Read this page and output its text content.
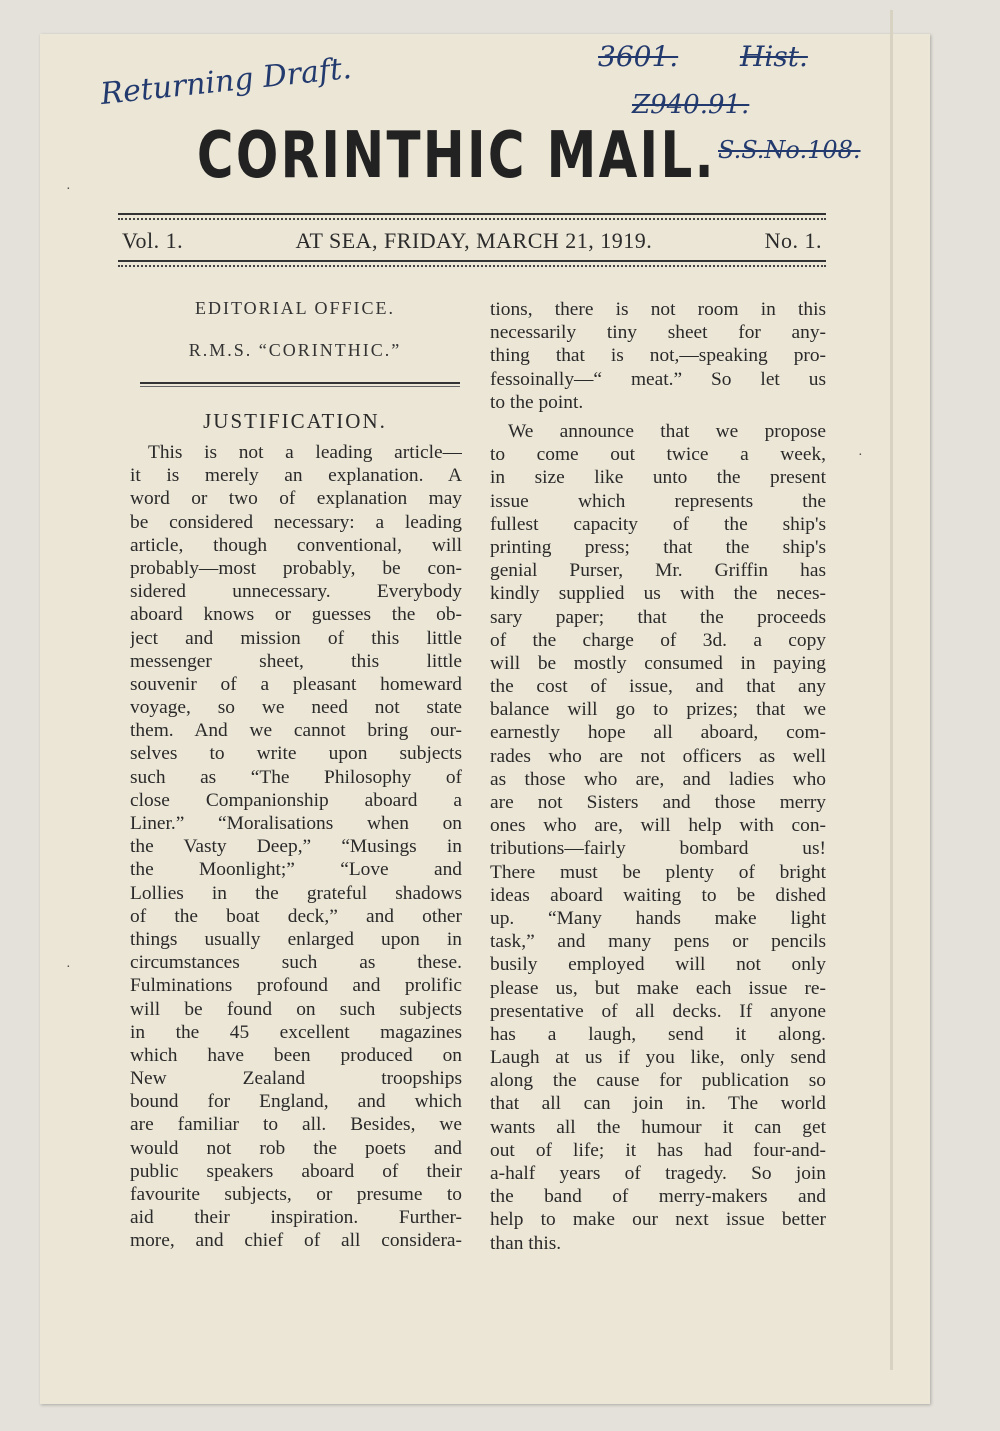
Returning Draft.	3601. Hist.
Z940.91.
S.S.No.108.
CORINTHIC MAIL.
Vol. 1.	AT SEA, FRIDAY, MARCH 21, 1919.	No. 1.
EDITORIAL OFFICE.
R.M.S. “CORINTHIC.”
JUSTIFICATION.
This is not a leading article—
it is merely an explanation. A
word or two of explanation may
be considered necessary: a leading
article, though conventional, will
probably—most probably, be con-
sidered unnecessary. Everybody
aboard knows or guesses the ob-
ject and mission of this little
messenger sheet, this little
souvenir of a pleasant homeward
voyage, so we need not state
them. And we cannot bring our-
selves to write upon subjects
such as “The Philosophy of
close Companionship aboard a
Liner.” “Moralisations when on
the Vasty Deep,” “Musings in
the Moonlight;” “Love and
Lollies in the grateful shadows
of the boat deck,” and other
things usually enlarged upon in
circumstances such as these.
Fulminations profound and prolific
will be found on such subjects
in the 45 excellent magazines
which have been produced on
New Zealand troopships
bound for England, and which
are familiar to all. Besides, we
would not rob the poets and
public speakers aboard of their
favourite subjects, or presume to
aid their inspiration. Further-
more, and chief of all considera-
tions, there is not room in this
necessarily tiny sheet for any-
thing that is not,—speaking pro-
fessoinally—“ meat.” So let us
to the point.
We announce that we propose
to come out twice a week,
in size like unto the present
issue which represents the
fullest capacity of the ship's
printing press; that the ship's
genial Purser, Mr. Griffin has
kindly supplied us with the neces-
sary paper; that the proceeds
of the charge of 3d. a copy
will be mostly consumed in paying
the cost of issue, and that any
balance will go to prizes; that we
earnestly hope all aboard, com-
rades who are not officers as well
as those who are, and ladies who
are not Sisters and those merry
ones who are, will help with con-
tributions—fairly bombard us!
There must be plenty of bright
ideas aboard waiting to be dished
up. “Many hands make light
task,” and many pens or pencils
busily employed will not only
please us, but make each issue re-
presentative of all decks. If anyone
has a laugh, send it along.
Laugh at us if you like, only send
along the cause for publication so
that all can join in. The world
wants all the humour it can get
out of life; it has had four-and-
a-half years of tragedy. So join
the band of merry-makers and
help to make our next issue better
than this.
·
·
·
